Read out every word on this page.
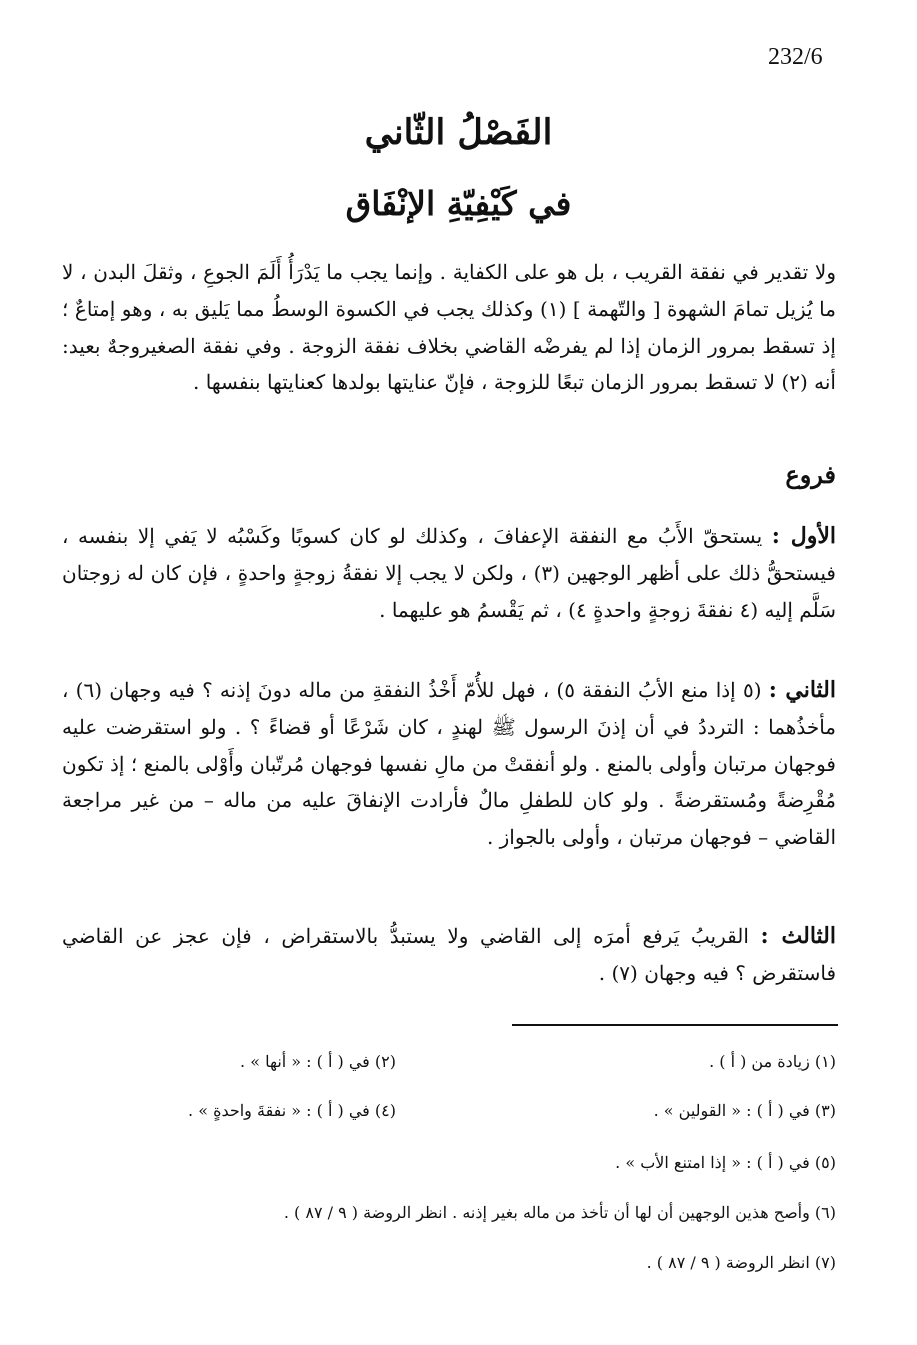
232/6
الفَصْلُ الثّاني
في كَيْفِيّةِ الإنْفَاق

ولا تقدير في نفقة القريب ، بل هو على الكفاية . وإنما يجب ما يَدْرَأُ أَلَمَ الجوعِ ، وثقلَ البدن ، لا ما يُزيل تمامَ الشهوة [ والتّهمة ] (١) وكذلك يجب في الكسوة الوسطُ مما يَليق به ، وهو إمتاعٌ ؛ إذ تسقط بمرور الزمان إذا لم يفرضْه القاضي بخلاف نفقة الزوجة . وفي نفقة الصغيروجهٌ بعيد: أنه (٢) لا تسقط بمرور الزمان تبعًا للزوجة ، فإنّ عنايتها بولدها كعنايتها بنفسها .

فروع

الأول : يستحقّ الأَبُ مع النفقة الإعفافَ ، وكذلك لو كان كسوبًا وكَسْبُه لا يَفي إلا بنفسه ، فيستحقُّ ذلك على أظهر الوجهين (٣) ، ولكن لا يجب إلا نفقةُ زوجةٍ واحدةٍ ، فإن كان له زوجتان سَلَّم إليه (٤ نفقةَ زوجةٍ واحدةٍ ٤) ، ثم يَقْسمُ هو عليهما .

الثاني : (٥ إذا منع الأبُ النفقة ٥) ، فهل للأُمّ أَخْذُ النفقةِ من ماله دونَ إذنه ؟ فيه وجهان (٦) ، مأخذُهما : الترددُ في أن إذنَ الرسول ﷺ لهندٍ ، كان شَرْعًا أو قضاءً ؟ . ولو استقرضت عليه فوجهان مرتبان وأولى بالمنع . ولو أنفقتْ من مالِ نفسها فوجهان مُرتّبان وأَوْلى بالمنع ؛ إذ تكون مُقْرِضةً ومُستقرضةً . ولو كان للطفلِ مالٌ فأرادت الإنفاقَ عليه من ماله – من غير مراجعة القاضي – فوجهان مرتبان ، وأولى بالجواز .

الثالث : القريبُ يَرفع أمرَه إلى القاضي ولا يستبدُّ بالاستقراض ، فإن عجز عن القاضي فاستقرض ؟ فيه وجهان (٧) .

(١) زيادة من ( أ ) .
(٢) في ( أ ) : « أنها » .
(٣) في ( أ ) : « القولين » .
(٤) في ( أ ) : « نفقةَ واحدةٍ » .
(٥) في ( أ ) : « إذا امتنع الأب » .
(٦) وأصح هذين الوجهين أن لها أن تأخذ من ماله بغير إذنه . انظر الروضة ( ٩ / ٨٧ ) .
(٧) انظر الروضة ( ٩ / ٨٧ ) .
